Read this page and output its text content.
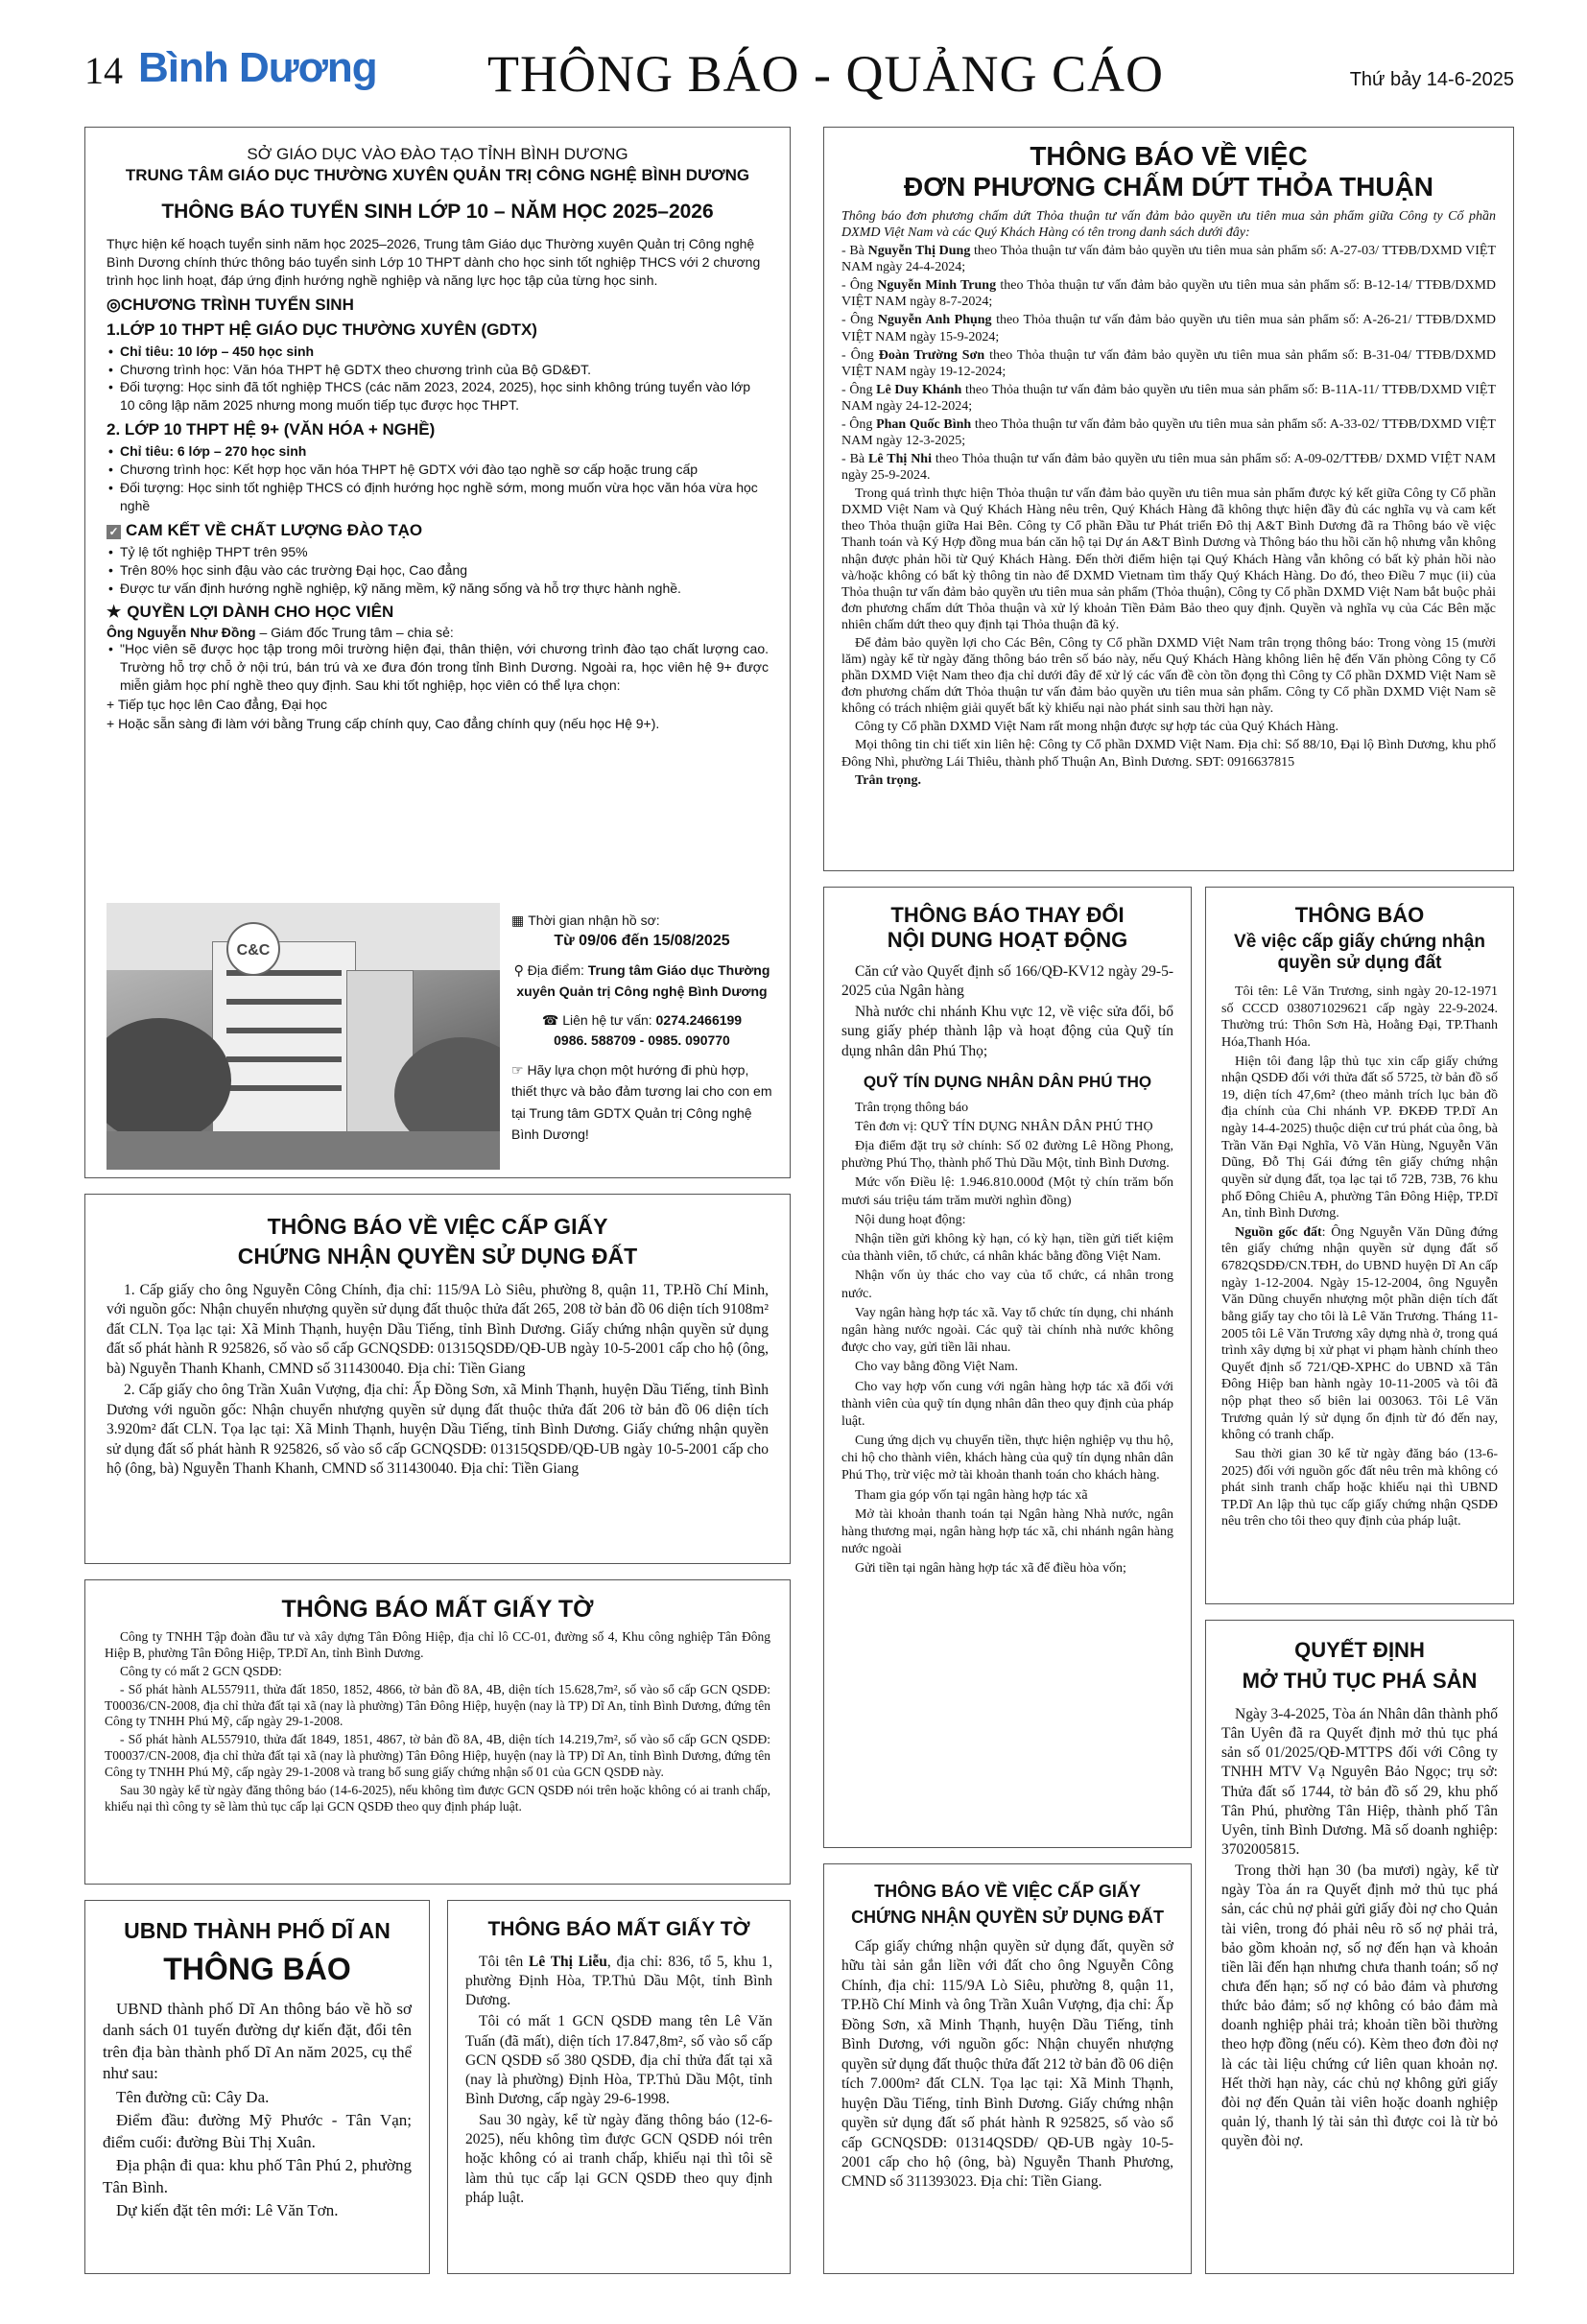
14 Bình Dương THÔNG BÁO - QUẢNG CÁO	Thứ bảy 14-6-2025
SỞ GIÁO DỤC VÀO ĐÀO TẠO TỈNH BÌNH DƯƠNG
TRUNG TÂM GIÁO DỤC THƯỜNG XUYÊN QUẢN TRỊ CÔNG NGHỆ BÌNH DƯƠNG
THÔNG BÁO TUYỂN SINH LỚP 10 – NĂM HỌC 2025–2026

Thực hiện kế hoạch tuyển sinh năm học 2025–2026, Trung tâm Giáo dục Thường xuyên Quản trị Công nghệ Bình Dương chính thức thông báo tuyển sinh Lớp 10 THPT dành cho học sinh tốt nghiệp THCS với 2 chương trình học linh hoạt, đáp ứng định hướng nghề nghiệp và năng lực học tập của từng học sinh.

◎CHƯƠNG TRÌNH TUYỂN SINH
1.LỚP 10 THPT HỆ GIÁO DỤC THƯỜNG XUYÊN (GDTX)
• Chỉ tiêu: 10 lớp – 450 học sinh
• Chương trình học: Văn hóa THPT hệ GDTX theo chương trình của Bộ GD&ĐT.
• Đối tượng: Học sinh đã tốt nghiệp THCS (các năm 2023, 2024, 2025), học sinh không trúng tuyển vào lớp 10 công lập năm 2025 nhưng mong muốn tiếp tục được học THPT.
2. LỚP 10 THPT HỆ 9+ (VĂN HÓA + NGHỀ)
• Chỉ tiêu: 6 lớp – 270 học sinh
• Chương trình học: Kết hợp học văn hóa THPT hệ GDTX với đào tạo nghề sơ cấp hoặc trung cấp
• Đối tượng: Học sinh tốt nghiệp THCS có định hướng học nghề sớm, mong muốn vừa học văn hóa vừa học nghề
✓ CAM KẾT VỀ CHẤT LƯỢNG ĐÀO TẠO
• Tỷ lệ tốt nghiệp THPT trên 95%
• Trên 80% học sinh đậu vào các trường Đại học, Cao đẳng
• Được tư vấn định hướng nghề nghiệp, kỹ năng mềm, kỹ năng sống và hỗ trợ thực hành nghề.
★ QUYỀN LỢI DÀNH CHO HỌC VIÊN
Ông Nguyễn Như Đồng – Giám đốc Trung tâm – chia sẻ:
• "Học viên sẽ được học tập trong môi trường hiện đại, thân thiện, với chương trình đào tạo chất lượng cao. Trường hỗ trợ chỗ ở nội trú, bán trú và xe đưa đón trong tỉnh Bình Dương. Ngoài ra, học viên hệ 9+ được miễn giảm học phí nghề theo quy định. Sau khi tốt nghiệp, học viên có thể lựa chọn:
+ Tiếp tục học lên Cao đẳng, Đại học
+ Hoặc sẵn sàng đi làm với bằng Trung cấp chính quy, Cao đẳng chính quy (nếu học Hệ 9+).
C&C
▦ Thời gian nhận hồ sơ:
Từ 09/06 đến 15/08/2025
⚲ Địa điểm: Trung tâm Giáo dục Thường xuyên Quản trị Công nghệ Bình Dương
☎ Liên hệ tư vấn: 0274.2466199
0986. 588709 - 0985. 090770
☞ Hãy lựa chọn một hướng đi phù hợp, thiết thực và bảo đảm tương lai cho con em tại Trung tâm GDTX Quản trị Công nghệ Bình Dương!
THÔNG BÁO VỀ VIỆC
ĐƠN PHƯƠNG CHẤM DỨT THỎA THUẬN

Thông báo đơn phương chấm dứt Thỏa thuận tư vấn đảm bảo quyền ưu tiên mua sản phẩm giữa Công ty Cổ phần DXMD Việt Nam và các Quý Khách Hàng có tên trong danh sách dưới đây:

- Bà Nguyễn Thị Dung theo Thỏa thuận tư vấn đảm bảo quyền ưu tiên mua sản phẩm số: A-27-03/ TTĐB/DXMD VIỆT NAM ngày 24-4-2024;

- Ông Nguyễn Minh Trung theo Thỏa thuận tư vấn đảm bảo quyền ưu tiên mua sản phẩm số: B-12-14/ TTĐB/DXMD VIỆT NAM ngày 8-7-2024;

- Ông Nguyễn Anh Phụng theo Thỏa thuận tư vấn đảm bảo quyền ưu tiên mua sản phẩm số: A-26-21/ TTĐB/DXMD VIỆT NAM ngày 15-9-2024;

- Ông Đoàn Trường Sơn theo Thỏa thuận tư vấn đảm bảo quyền ưu tiên mua sản phẩm số: B-31-04/ TTĐB/DXMD VIỆT NAM ngày 19-12-2024;

- Ông Lê Duy Khánh theo Thỏa thuận tư vấn đảm bảo quyền ưu tiên mua sản phẩm số: B-11A-11/ TTĐB/DXMD VIỆT NAM ngày 24-12-2024;

- Ông Phan Quốc Bình theo Thỏa thuận tư vấn đảm bảo quyền ưu tiên mua sản phẩm số: A-33-02/ TTĐB/DXMD VIỆT NAM ngày 12-3-2025;

- Bà Lê Thị Nhi theo Thỏa thuận tư vấn đảm bảo quyền ưu tiên mua sản phẩm số: A-09-02/TTĐB/ DXMD VIỆT NAM ngày 25-9-2024.

Trong quá trình thực hiện Thỏa thuận tư vấn đảm bảo quyền ưu tiên mua sản phẩm được ký kết giữa Công ty Cổ phần DXMD Việt Nam và Quý Khách Hàng nêu trên, Quý Khách Hàng đã không thực hiện đầy đủ các nghĩa vụ và cam kết theo Thỏa thuận giữa Hai Bên. Công ty Cổ phần Đầu tư Phát triển Đô thị A&T Bình Dương đã ra Thông báo về việc Thanh toán và Ký Hợp đồng mua bán căn hộ tại Dự án A&T Bình Dương và Thông báo thu hồi căn hộ nhưng vẫn không nhận được phản hồi từ Quý Khách Hàng. Đến thời điểm hiện tại Quý Khách Hàng vẫn không có bất kỳ phản hồi nào và/hoặc không có bất kỳ thông tin nào để DXMD Vietnam tìm thấy Quý Khách Hàng. Do đó, theo Điều 7 mục (ii) của Thỏa thuận tư vấn đảm bảo quyền ưu tiên mua sản phẩm (Thỏa thuận), Công ty Cổ phần DXMD Việt Nam bắt buộc phải đơn phương chấm dứt Thỏa thuận và xử lý khoản Tiền Đảm Bảo theo quy định. Quyền và nghĩa vụ của Các Bên mặc nhiên chấm dứt theo quy định tại Thỏa thuận đã ký.

Để đảm bảo quyền lợi cho Các Bên, Công ty Cổ phần DXMD Việt Nam trân trọng thông báo: Trong vòng 15 (mười lăm) ngày kể từ ngày đăng thông báo trên số báo này, nếu Quý Khách Hàng không liên hệ đến Văn phòng Công ty Cổ phần DXMD Việt Nam theo địa chỉ dưới đây để xử lý các vấn đề còn tồn đọng thì Công ty Cổ phần DXMD Việt Nam sẽ đơn phương chấm dứt Thỏa thuận tư vấn đảm bảo quyền ưu tiên mua sản phẩm. Công ty Cổ phần DXMD Việt Nam sẽ không có trách nhiệm giải quyết bất kỳ khiếu nại nào phát sinh sau thời hạn này.

Công ty Cổ phần DXMD Việt Nam rất mong nhận được sự hợp tác của Quý Khách Hàng.

Mọi thông tin chi tiết xin liên hệ: Công ty Cổ phần DXMD Việt Nam. Địa chỉ: Số 88/10, Đại lộ Bình Dương, khu phố Đông Nhì, phường Lái Thiêu, thành phố Thuận An, Bình Dương. SĐT: 0916637815

Trân trọng.

THÔNG BÁO VỀ VIỆC CẤP GIẤY
CHỨNG NHẬN QUYỀN SỬ DỤNG ĐẤT

1. Cấp giấy cho ông Nguyễn Công Chính, địa chỉ: 115/9A Lò Siêu, phường 8, quận 11, TP.Hồ Chí Minh, với nguồn gốc: Nhận chuyển nhượng quyền sử dụng đất thuộc thửa đất 265, 208 tờ bản đồ 06 diện tích 9108m² đất CLN. Tọa lạc tại: Xã Minh Thạnh, huyện Dầu Tiếng, tỉnh Bình Dương. Giấy chứng nhận quyền sử dụng đất số phát hành R 925826, số vào sổ cấp GCNQSDĐ: 01315QSDĐ/QĐ-UB ngày 10-5-2001 cấp cho hộ (ông, bà) Nguyễn Thanh Khanh, CMND số 311430040. Địa chỉ: Tiền Giang

2. Cấp giấy cho ông Trần Xuân Vượng, địa chỉ: Ấp Đồng Sơn, xã Minh Thạnh, huyện Dầu Tiếng, tỉnh Bình Dương với nguồn gốc: Nhận chuyển nhượng quyền sử dụng đất thuộc thửa đất 206 tờ bản đồ 06 diện tích 3.920m² đất CLN. Tọa lạc tại: Xã Minh Thạnh, huyện Dầu Tiếng, tỉnh Bình Dương. Giấy chứng nhận quyền sử dụng đất số phát hành R 925826, số vào sổ cấp GCNQSDĐ: 01315QSDĐ/QĐ-UB ngày 10-5-2001 cấp cho hộ (ông, bà) Nguyễn Thanh Khanh, CMND số 311430040. Địa chỉ: Tiền Giang

THÔNG BÁO MẤT GIẤY TỜ

Công ty TNHH Tập đoàn đầu tư và xây dựng Tân Đông Hiệp, địa chỉ lô CC-01, đường số 4, Khu công nghiệp Tân Đông Hiệp B, phường Tân Đông Hiệp, TP.Dĩ An, tỉnh Bình Dương.

Công ty có mất 2 GCN QSDĐ:

- Số phát hành AL557911, thửa đất 1850, 1852, 4866, tờ bản đồ 8A, 4B, diện tích 15.628,7m², số vào sổ cấp GCN QSDĐ: T00036/CN-2008, địa chỉ thửa đất tại xã (nay là phường) Tân Đông Hiệp, huyện (nay là TP) Dĩ An, tỉnh Bình Dương, đứng tên Công ty TNHH Phú Mỹ, cấp ngày 29-1-2008.

- Số phát hành AL557910, thửa đất 1849, 1851, 4867, tờ bản đồ 8A, 4B, diện tích 14.219,7m², số vào sổ cấp GCN QSDĐ: T00037/CN-2008, địa chỉ thửa đất tại xã (nay là phường) Tân Đông Hiệp, huyện (nay là TP) Dĩ An, tỉnh Bình Dương, đứng tên Công ty TNHH Phú Mỹ, cấp ngày 29-1-2008 và trang bổ sung giấy chứng nhận số 01 của GCN QSDĐ này.

Sau 30 ngày kể từ ngày đăng thông báo (14-6-2025), nếu không tìm được GCN QSDĐ nói trên hoặc không có ai tranh chấp, khiếu nại thì công ty sẽ làm thủ tục cấp lại GCN QSDĐ theo quy định pháp luật.

UBND THÀNH PHỐ DĨ AN
THÔNG BÁO

UBND thành phố Dĩ An thông báo về hồ sơ danh sách 01 tuyến đường dự kiến đặt, đổi tên trên địa bàn thành phố Dĩ An năm 2025, cụ thể như sau:

Tên đường cũ: Cây Da.

Điểm đầu: đường Mỹ Phước - Tân Vạn; điểm cuối: đường Bùi Thị Xuân.

Địa phận đi qua: khu phố Tân Phú 2, phường Tân Bình.

Dự kiến đặt tên mới: Lê Văn Tơn.

THÔNG BÁO MẤT GIẤY TỜ

Tôi tên Lê Thị Liễu, địa chỉ: 836, tổ 5, khu 1, phường Định Hòa, TP.Thủ Dầu Một, tỉnh Bình Dương.

Tôi có mất 1 GCN QSDĐ mang tên Lê Văn Tuấn (đã mất), diện tích 17.847,8m², số vào sổ cấp GCN QSDĐ số 380 QSDĐ, địa chỉ thửa đất tại xã (nay là phường) Định Hòa, TP.Thủ Dầu Một, tỉnh Bình Dương, cấp ngày 29-6-1998.

Sau 30 ngày, kể từ ngày đăng thông báo (12-6-2025), nếu không tìm được GCN QSDĐ nói trên hoặc không có ai tranh chấp, khiếu nại thì tôi sẽ làm thủ tục cấp lại GCN QSDĐ theo quy định pháp luật.

THÔNG BÁO THAY ĐỔI
NỘI DUNG HOẠT ĐỘNG

Căn cứ vào Quyết định số 166/QĐ-KV12 ngày 29-5-2025 của Ngân hàng

Nhà nước chi nhánh Khu vực 12, về việc sửa đổi, bổ sung giấy phép thành lập và hoạt động của Quỹ tín dụng nhân dân Phú Thọ;

QUỸ TÍN DỤNG NHÂN DÂN PHÚ THỌ

Trân trọng thông báo

Tên đơn vị: QUỸ TÍN DỤNG NHÂN DÂN PHÚ THỌ

Địa điểm đặt trụ sở chính: Số 02 đường Lê Hồng Phong, phường Phú Thọ, thành phố Thủ Dầu Một, tỉnh Bình Dương.

Mức vốn Điều lệ: 1.946.810.000đ (Một tỷ chín trăm bốn mươi sáu triệu tám trăm mười nghìn đồng)

Nội dung hoạt động:

Nhận tiền gửi không kỳ hạn, có kỳ hạn, tiền gửi tiết kiệm của thành viên, tổ chức, cá nhân khác bằng đồng Việt Nam.

Nhận vốn ủy thác cho vay của tổ chức, cá nhân trong nước.

Vay ngân hàng hợp tác xã. Vay tổ chức tín dụng, chi nhánh ngân hàng nước ngoài. Các quỹ tài chính nhà nước không được cho vay, gửi tiền lãi nhau.

Cho vay bằng đồng Việt Nam.

Cho vay hợp vốn cung với ngân hàng hợp tác xã đối với thành viên của quỹ tín dụng nhân dân theo quy định của pháp luật.

Cung ứng dịch vụ chuyển tiền, thực hiện nghiệp vụ thu hộ, chi hộ cho thành viên, khách hàng của quỹ tín dụng nhân dân Phú Thọ, trừ việc mở tài khoản thanh toán cho khách hàng.

Tham gia góp vốn tại ngân hàng hợp tác xã

Mở tài khoản thanh toán tại Ngân hàng Nhà nước, ngân hàng thương mại, ngân hàng hợp tác xã, chi nhánh ngân hàng nước ngoài

Gửi tiền tại ngân hàng hợp tác xã để điều hòa vốn;

THÔNG BÁO VỀ VIỆC CẤP GIẤY
CHỨNG NHẬN QUYỀN SỬ DỤNG ĐẤT

Cấp giấy chứng nhận quyền sử dụng đất, quyền sở hữu tài sản gắn liền với đất cho ông Nguyễn Công Chính, địa chỉ: 115/9A Lò Siêu, phường 8, quận 11, TP.Hồ Chí Minh và ông Trần Xuân Vượng, địa chỉ: Ấp Đồng Sơn, xã Minh Thạnh, huyện Dầu Tiếng, tỉnh Bình Dương, với nguồn gốc: Nhận chuyển nhượng quyền sử dụng đất thuộc thửa đất 212 tờ bản đồ 06 diện tích 7.000m² đất CLN. Tọa lạc tại: Xã Minh Thạnh, huyện Dầu Tiếng, tỉnh Bình Dương. Giấy chứng nhận quyền sử dụng đất số phát hành R 925825, số vào sổ cấp GCNQSDĐ: 01314QSDĐ/ QĐ-UB ngày 10-5-2001 cấp cho hộ (ông, bà) Nguyễn Thanh Phương, CMND số 311393023. Địa chỉ: Tiền Giang.

THÔNG BÁO
Về việc cấp giấy chứng nhận quyền sử dụng đất

Tôi tên: Lê Văn Trương, sinh ngày 20-12-1971 số CCCD 038071029621 cấp ngày 22-9-2024. Thường trú: Thôn Sơn Hà, Hoằng Đại, TP.Thanh Hóa,Thanh Hóa.

Hiện tôi đang lập thủ tục xin cấp giấy chứng nhận QSDĐ đối với thửa đất số 5725, tờ bản đồ số 19, diện tích 47,6m² (theo mảnh trích lục bản đồ địa chính của Chi nhánh VP. ĐKĐĐ TP.Dĩ An ngày 14-4-2025) thuộc diện cư trú phát của ông, bà Trần Văn Đại Nghĩa, Võ Văn Hùng, Nguyễn Văn Dũng, Đỗ Thị Gái đứng tên giấy chứng nhận quyền sử dụng đất, tọa lạc tại tổ 72B, 73B, 76 khu phố Đông Chiêu A, phường Tân Đông Hiệp, TP.Dĩ An, tỉnh Bình Dương.

Nguồn gốc đất: Ông Nguyễn Văn Dũng đứng tên giấy chứng nhận quyền sử dụng đất số 6782QSDĐ/CN.TĐH, do UBND huyện Dĩ An cấp ngày 1-12-2004. Ngày 15-12-2004, ông Nguyễn Văn Dũng chuyển nhượng một phần diện tích đất bằng giấy tay cho tôi là Lê Văn Trương. Tháng 11-2005 tôi Lê Văn Trương xây dựng nhà ở, trong quá trình xây dựng bị xử phạt vi phạm hành chính theo Quyết định số 721/QĐ-XPHC do UBND xã Tân Đông Hiệp ban hành ngày 10-11-2005 và tôi đã nộp phạt theo số biên lai 003063. Tôi Lê Văn Trương quản lý sử dụng ổn định từ đó đến nay, không có tranh chấp.

Sau thời gian 30 kể từ ngày đăng báo (13-6-2025) đối với nguồn gốc đất nêu trên mà không có phát sinh tranh chấp hoặc khiếu nại thì UBND TP.Dĩ An lập thủ tục cấp giấy chứng nhận QSDĐ nêu trên cho tôi theo quy định của pháp luật.

QUYẾT ĐỊNH
MỞ THỦ TỤC PHÁ SẢN

Ngày 3-4-2025, Tòa án Nhân dân thành phố Tân Uyên đã ra Quyết định mở thủ tục phá sản số 01/2025/QĐ-MTTPS đối với Công ty TNHH MTV Vạ Nguyên Bảo Ngọc; trụ sở: Thửa đất số 1744, tờ bản đồ số 29, khu phố Tân Phú, phường Tân Hiệp, thành phố Tân Uyên, tỉnh Bình Dương. Mã số doanh nghiệp: 3702005815.

Trong thời hạn 30 (ba mươi) ngày, kể từ ngày Tòa án ra Quyết định mở thủ tục phá sản, các chủ nợ phải gửi giấy đòi nợ cho Quản tài viên, trong đó phải nêu rõ số nợ phải trả, bảo gồm khoản nợ, số nợ đến hạn và khoản tiền lãi đến hạn nhưng chưa thanh toán; số nợ chưa đến hạn; số nợ có bảo đảm và phương thức bảo đảm; số nợ không có bảo đảm mà doanh nghiệp phải trả; khoản tiền bồi thường theo hợp đồng (nếu có). Kèm theo đơn đòi nợ là các tài liệu chứng cứ liên quan khoản nợ. Hết thời hạn này, các chủ nợ không gửi giấy đòi nợ đến Quản tài viên hoặc doanh nghiệp quản lý, thanh lý tài sản thì được coi là từ bỏ quyền đòi nợ.
